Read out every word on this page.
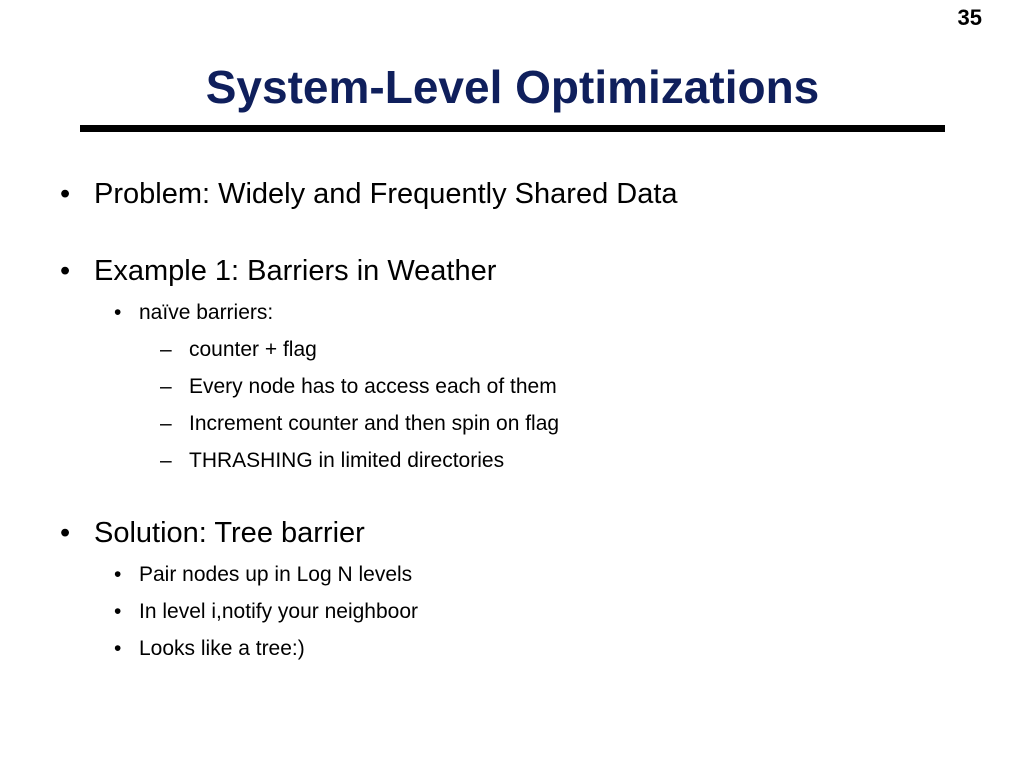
35
System-Level Optimizations
• Problem: Widely and Frequently Shared Data
• Example 1: Barriers in Weather
• naïve barriers:
– counter + flag
– Every node has to access each of them
– Increment counter and then spin on flag
– THRASHING in limited directories
• Solution: Tree barrier
• Pair nodes up in Log N levels
• In level i,notify your neighboor
• Looks like a tree:)
